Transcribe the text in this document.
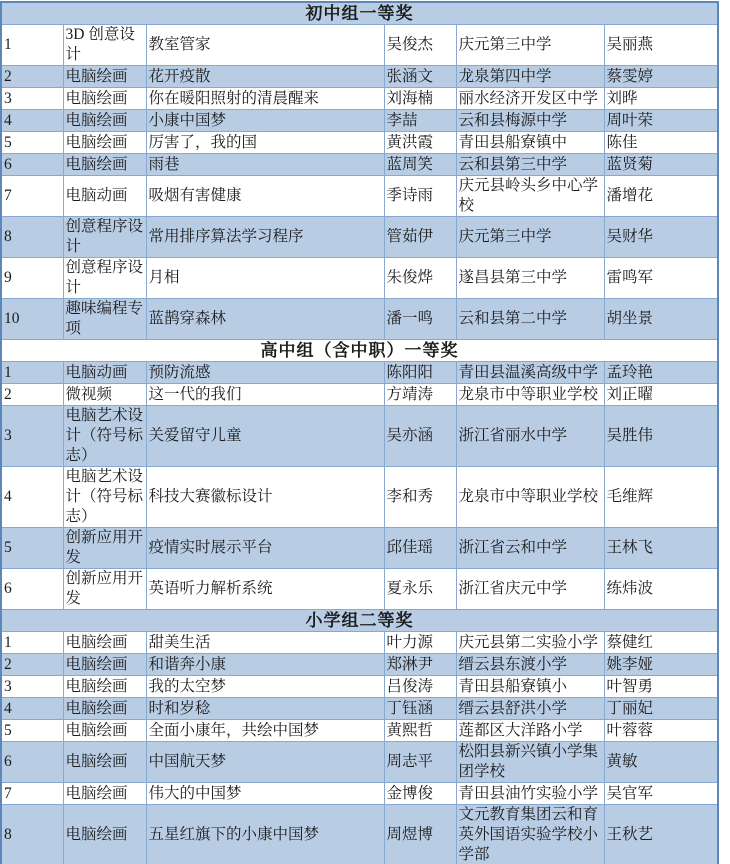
初中组一等奖					
1	3D 创意设计	教室管家	吴俊杰	庆元第三中学	吴丽燕
2	电脑绘画	花开疫散	张涵文	龙泉第四中学	蔡雯婷
3	电脑绘画	你在暖阳照射的清晨醒来	刘海楠	丽水经济开发区中学	刘晔
4	电脑绘画	小康中国梦	李喆	云和县梅源中学	周叶荣
5	电脑绘画	厉害了，我的国	黄洪霞	青田县船寮镇中	陈佳
6	电脑绘画	雨巷	蓝周笑	云和县第三中学	蓝贤菊
7	电脑动画	吸烟有害健康	季诗雨	庆元县岭头乡中心学校	潘增花
8	创意程序设计	常用排序算法学习程序	管茹伊	庆元第三中学	吴财华
9	创意程序设计	月相	朱俊烨	遂昌县第三中学	雷鸣军
10	趣味编程专项	蓝鹊穿森林	潘一鸣	云和县第二中学	胡坐景
高中组（含中职）一等奖					
1	电脑动画	预防流感	陈阳阳	青田县温溪高级中学	孟玲艳
2	微视频	这一代的我们	方靖涛	龙泉市中等职业学校	刘正曜
3	电脑艺术设计（符号标志）	关爱留守儿童	吴亦涵	浙江省丽水中学	吴胜伟
4	电脑艺术设计（符号标志）	科技大赛徽标设计	李和秀	龙泉市中等职业学校	毛维辉
5	创新应用开发	疫情实时展示平台	邱佳瑶	浙江省云和中学	王林飞
6	创新应用开发	英语听力解析系统	夏永乐	浙江省庆元中学	练炜波
小学组二等奖					
1	电脑绘画	甜美生活	叶力源	庆元县第二实验小学	蔡健红
2	电脑绘画	和谐奔小康	郑淋尹	缙云县东渡小学	姚李娅
3	电脑绘画	我的太空梦	吕俊涛	青田县船寮镇小	叶智勇
4	电脑绘画	时和岁稔	丁钰涵	缙云县舒洪小学	丁丽妃
5	电脑绘画	全面小康年，共绘中国梦	黄熙哲	莲都区大洋路小学	叶蓉蓉
6	电脑绘画	中国航天梦	周志平	松阳县新兴镇小学集团学校	黄敏
7	电脑绘画	伟大的中国梦	金博俊	青田县油竹实验小学	吴官军
8	电脑绘画	五星红旗下的小康中国梦	周煜博	文元教育集团云和育英外国语实验学校小学部	王秋艺
